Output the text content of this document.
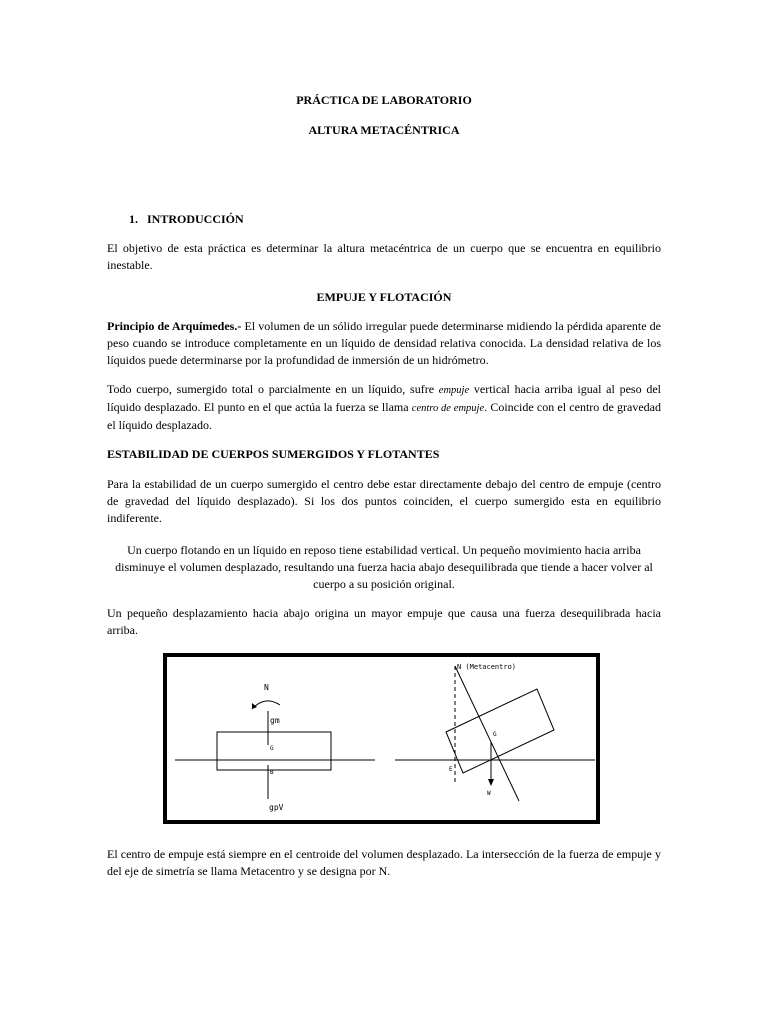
PRÁCTICA DE LABORATORIO
ALTURA METACÉNTRICA
1.   INTRODUCCIÓN

El objetivo de esta práctica es determinar la altura metacéntrica de un cuerpo que se encuentra en equilibrio inestable.

EMPUJE Y FLOTACIÓN

Principio de Arquímedes.- El volumen de un sólido irregular puede determinarse midiendo la pérdida aparente de peso cuando se introduce completamente en un líquido de densidad relativa conocida. La densidad relativa de los líquidos puede determinarse por la profundidad de inmersión de un hidrómetro.

Todo cuerpo, sumergido total o parcialmente en un líquido, sufre empuje vertical hacia arriba igual al peso del líquido desplazado. El punto en el que actúa la fuerza se llama centro de empuje. Coincide con el centro de gravedad el líquido desplazado.

ESTABILIDAD DE CUERPOS SUMERGIDOS Y FLOTANTES

Para la estabilidad de un cuerpo sumergido el centro debe estar directamente debajo del centro de empuje (centro de gravedad del líquido desplazado). Si los dos puntos coinciden, el cuerpo sumergido esta en equilibrio indiferente.

Un cuerpo flotando en un líquido en reposo tiene estabilidad vertical. Un pequeño movimiento hacia arriba disminuye el volumen desplazado, resultando una fuerza hacia abajo desequilibrada que tiende a hacer volver al cuerpo a su posición original.

Un pequeño desplazamiento hacia abajo origina un mayor empuje que causa una fuerza desequilibrada hacia arriba.

N
gm
G
B
gpV
N (Metacentro)
G
E
W

El centro de empuje está siempre en el centroide del volumen desplazado. La intersección de la fuerza de empuje y del eje de simetría se llama Metacentro y se designa por N.
